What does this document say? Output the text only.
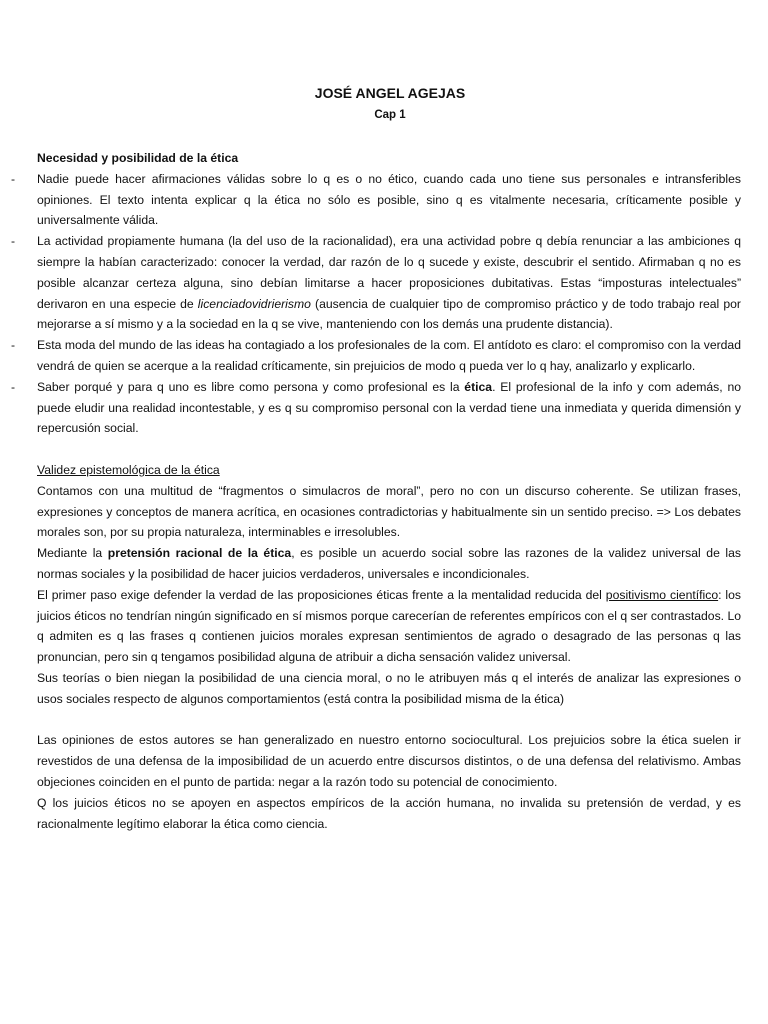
JOSÉ ANGEL AGEJAS
Cap 1

Necesidad y posibilidad de la ética

- Nadie puede hacer afirmaciones válidas sobre lo q es o no ético, cuando cada uno tiene sus personales e intransferibles opiniones. El texto intenta explicar q la ética no sólo es posible, sino q es vitalmente necesaria, críticamente posible y universalmente válida.

- La actividad propiamente humana (la del uso de la racionalidad), era una actividad pobre q debía renunciar a las ambiciones q siempre la habían caracterizado: conocer la verdad, dar razón de lo q sucede y existe, descubrir el sentido. Afirmaban q no es posible alcanzar certeza alguna, sino debían limitarse a hacer proposiciones dubitativas. Estas “imposturas intelectuales” derivaron en una especie de licenciadovidrierismo (ausencia de cualquier tipo de compromiso práctico y de todo trabajo real por mejorarse a sí mismo y a la sociedad en la q se vive, manteniendo con los demás una prudente distancia).

- Esta moda del mundo de las ideas ha contagiado a los profesionales de la com. El antídoto es claro: el compromiso con la verdad vendrá de quien se acerque a la realidad críticamente, sin prejuicios de modo q pueda ver lo q hay, analizarlo y explicarlo.

- Saber porqué y para q uno es libre como persona y como profesional es la ética. El profesional de la info y com además, no puede eludir una realidad incontestable, y es q su compromiso personal con la verdad tiene una inmediata y querida dimensión y repercusión social.

Validez epistemológica de la ética

Contamos con una multitud de “fragmentos o simulacros de moral”, pero no con un discurso coherente. Se utilizan frases, expresiones y conceptos de manera acrítica, en ocasiones contradictorias y habitualmente sin un sentido preciso. => Los debates morales son, por su propia naturaleza, interminables e irresolubles.

Mediante la pretensión racional de la ética, es posible un acuerdo social sobre las razones de la validez universal de las normas sociales y la posibilidad de hacer juicios verdaderos, universales e incondicionales.

El primer paso exige defender la verdad de las proposiciones éticas frente a la mentalidad reducida del positivismo científico: los juicios éticos no tendrían ningún significado en sí mismos porque carecerían de referentes empíricos con el q ser contrastados. Lo q admiten es q las frases q contienen juicios morales expresan sentimientos de agrado o desagrado de las personas q las pronuncian, pero sin q tengamos posibilidad alguna de atribuir a dicha sensación validez universal.

Sus teorías o bien niegan la posibilidad de una ciencia moral, o no le atribuyen más q el interés de analizar las expresiones o usos sociales respecto de algunos comportamientos (está contra la posibilidad misma de la ética)

Las opiniones de estos autores se han generalizado en nuestro entorno sociocultural. Los prejuicios sobre la ética suelen ir revestidos de una defensa de la imposibilidad de un acuerdo entre discursos distintos, o de una defensa del relativismo. Ambas objeciones coinciden en el punto de partida: negar a la razón todo su potencial de conocimiento.

Q los juicios éticos no se apoyen en aspectos empíricos de la acción humana, no invalida su pretensión de verdad, y es racionalmente legítimo elaborar la ética como ciencia.
